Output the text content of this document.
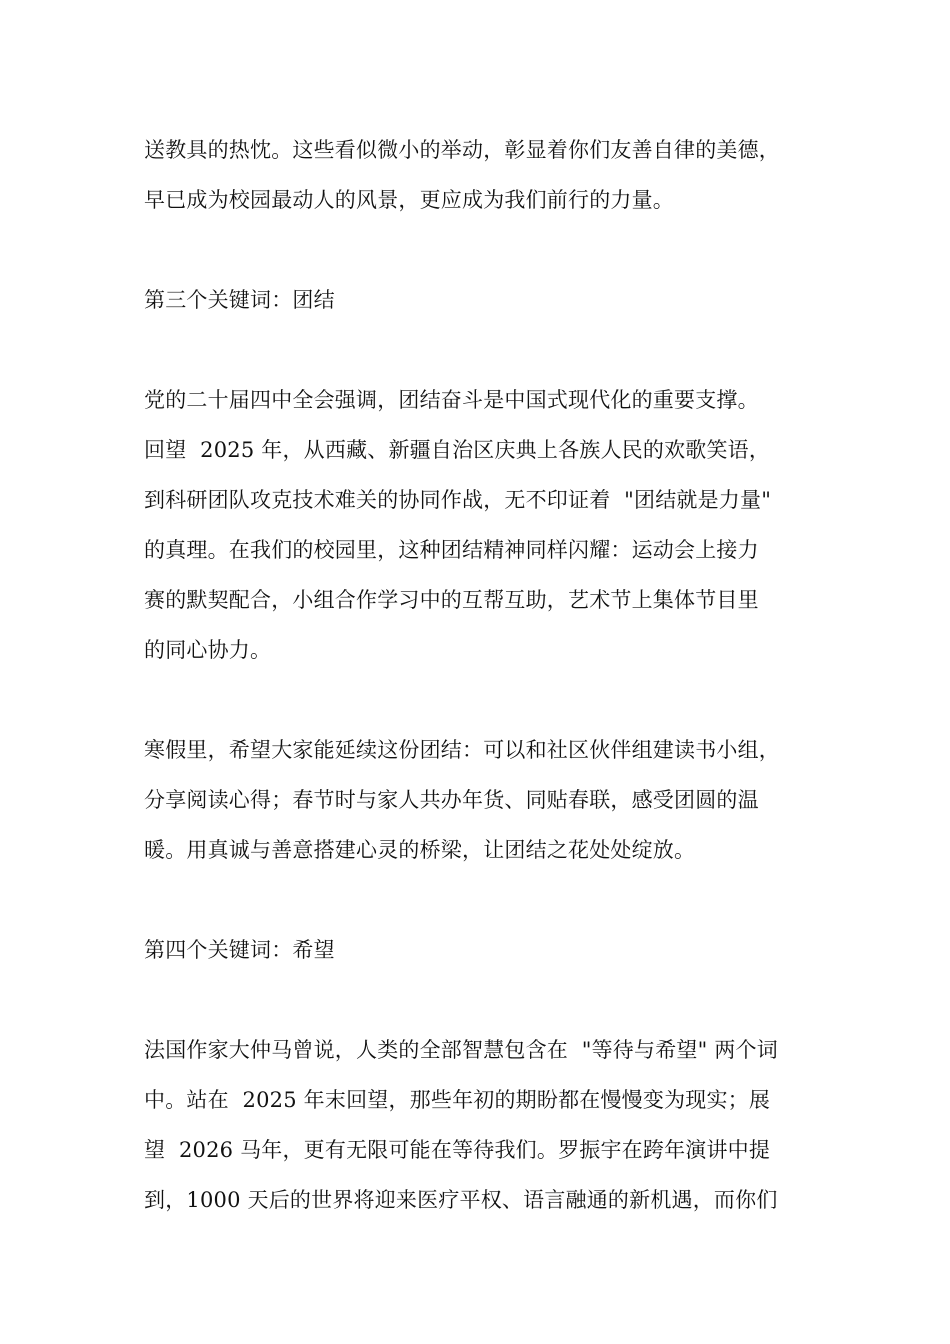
送教具的热忱。这些看似微小的举动，彰显着你们友善自律的美德，
早已成为校园最动人的风景，更应成为我们前行的力量。
第三个关键词：团结
党的二十届四中全会强调，团结奋斗是中国式现代化的重要支撑。
回望  2025 年，从西藏、新疆自治区庆典上各族人民的欢歌笑语，
到科研团队攻克技术难关的协同作战，无不印证着  "团结就是力量"
的真理。在我们的校园里，这种团结精神同样闪耀：运动会上接力
赛的默契配合，小组合作学习中的互帮互助，艺术节上集体节目里
的同心协力。
寒假里，希望大家能延续这份团结：可以和社区伙伴组建读书小组，
分享阅读心得；春节时与家人共办年货、同贴春联，感受团圆的温
暖。用真诚与善意搭建心灵的桥梁，让团结之花处处绽放。
第四个关键词：希望
法国作家大仲马曾说，人类的全部智慧包含在  "等待与希望" 两个词
中。站在  2025 年末回望，那些年初的期盼都在慢慢变为现实；展
望  2026 马年，更有无限可能在等待我们。罗振宇在跨年演讲中提
到，1000 天后的世界将迎来医疗平权、语言融通的新机遇，而你们
